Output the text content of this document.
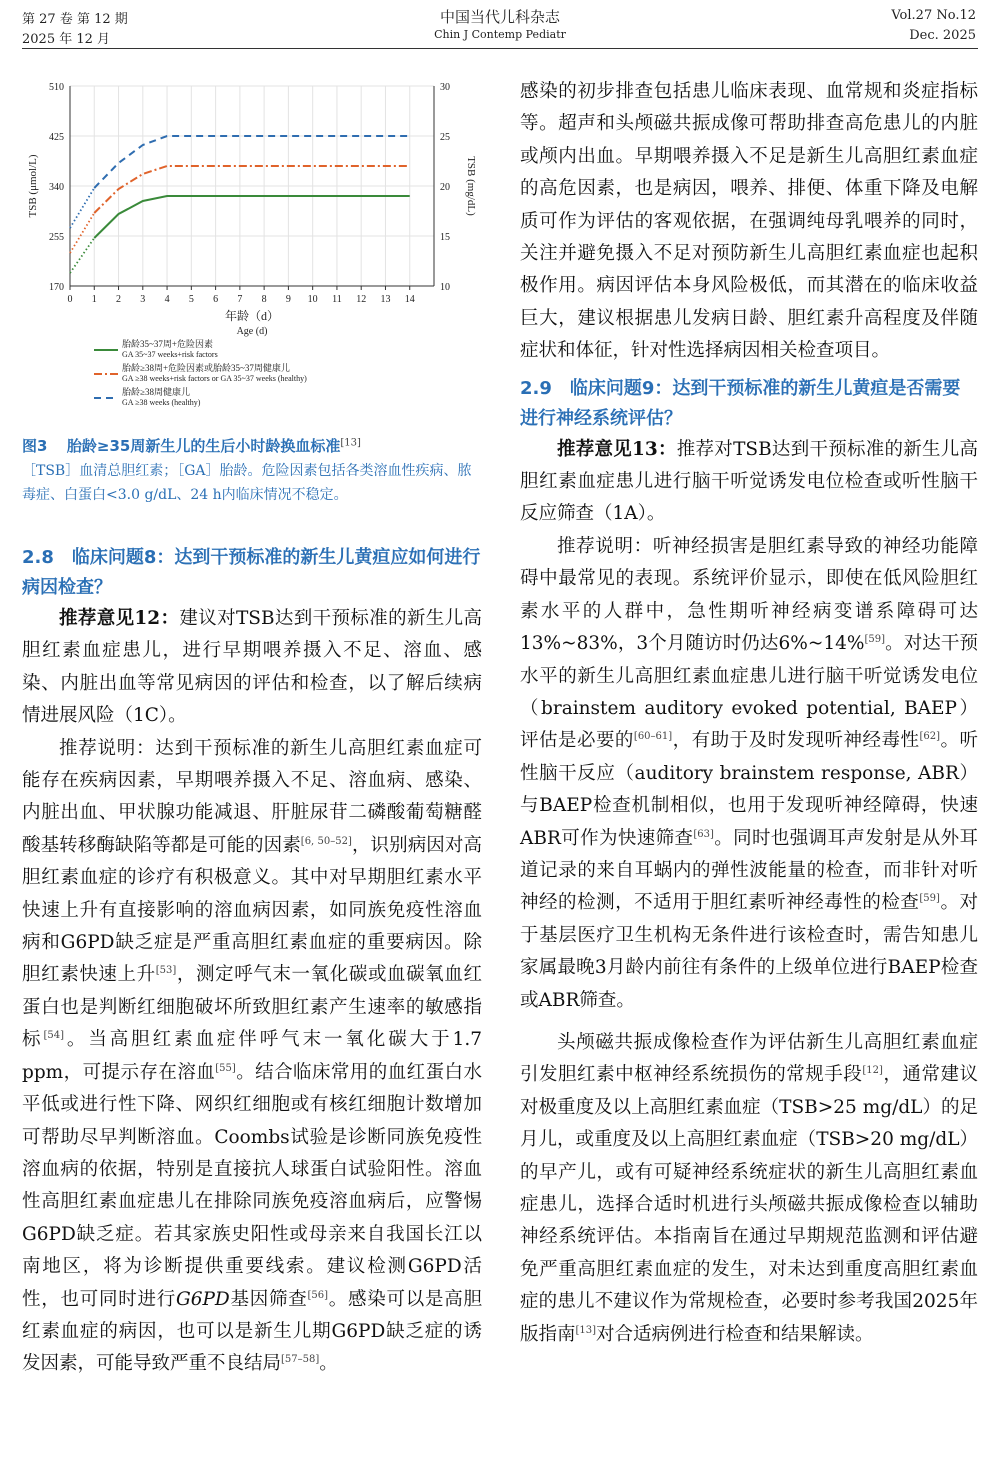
第 27 卷 第 12 期
2025 年 12 月
中国当代儿科杂志
Chin J Contemp Pediatr
Vol.27 No.12
Dec. 2025
0 1 2 3 4 5 6 7 8 9 10 11 12 13 14
170
255
340
425
510
10
15
20
25
30
年龄（d）
Age (d)
TSB (μmol/L)	TSB (mg/dL)
胎龄35~37周+危险因素
GA 35~37 weeks+risk factors
胎龄≥38周+危险因素或胎龄35~37周健康儿
GA ≥38 weeks+risk factors or GA 35~37 weeks (healthy)
胎龄≥38周健康儿
GA ≥38 weeks (healthy)

图3 　 胎龄≥35周新生儿的生后小时龄换血标准[13]
［TSB］血清总胆红素；［GA］胎龄。危险因素包括各类溶血性疾病、脓毒症、白蛋白<3.0 g/dL、24 h内临床情况不稳定。

2.8　临床问题8：达到干预标准的新生儿黄疸应如何进行病因检查？

推荐意见12：建议对TSB达到干预标准的新生儿高胆红素血症患儿，进行早期喂养摄入不足、溶血、感染、内脏出血等常见病因的评估和检查，以了解后续病情进展风险（1C）。

推荐说明：达到干预标准的新生儿高胆红素血症可能存在疾病因素，早期喂养摄入不足、溶血病、感染、内脏出血、甲状腺功能减退、肝脏尿苷二磷酸葡萄糖醛酸基转移酶缺陷等都是可能的因素[6, 50–52]，识别病因对高胆红素血症的诊疗有积极意义。其中对早期胆红素水平快速上升有直接影响的溶血病因素，如同族免疫性溶血病和G6PD缺乏症是严重高胆红素血症的重要病因。除胆红素快速上升[53]，测定呼气末一氧化碳或血碳氧血红蛋白也是判断红细胞破坏所致胆红素产生速率的敏感指标[54]。当高胆红素血症伴呼气末一氧化碳大于1.7 ppm，可提示存在溶血[55]。结合临床常用的血红蛋白水平低或进行性下降、网织红细胞或有核红细胞计数增加可帮助尽早判断溶血。Coombs试验是诊断同族免疫性溶血病的依据，特别是直接抗人球蛋白试验阳性。溶血性高胆红素血症患儿在排除同族免疫溶血病后，应警惕G6PD缺乏症。若其家族史阳性或母亲来自我国长江以南地区，将为诊断提供重要线索。建议检测G6PD活性，也可同时进行G6PD基因筛查[56]。感染可以是高胆红素血症的病因，也可以是新生儿期G6PD缺乏症的诱发因素，可能导致严重不良结局[57–58]。

感染的初步排查包括患儿临床表现、血常规和炎症指标等。超声和头颅磁共振成像可帮助排查高危患儿的内脏或颅内出血。早期喂养摄入不足是新生儿高胆红素血症的高危因素，也是病因，喂养、排便、体重下降及电解质可作为评估的客观依据，在强调纯母乳喂养的同时，关注并避免摄入不足对预防新生儿高胆红素血症也起积极作用。病因评估本身风险极低，而其潜在的临床收益巨大，建议根据患儿发病日龄、胆红素升高程度及伴随症状和体征，针对性选择病因相关检查项目。

2.9　临床问题9：达到干预标准的新生儿黄疸是否需要进行神经系统评估？

推荐意见13：推荐对TSB达到干预标准的新生儿高胆红素血症患儿进行脑干听觉诱发电位检查或听性脑干反应筛查（1A）。

推荐说明：听神经损害是胆红素导致的神经功能障碍中最常见的表现。系统评价显示，即使在低风险胆红素水平的人群中，急性期听神经病变谱系障碍可达13%~83%，3个月随访时仍达6%~14%[59]。对达干预水平的新生儿高胆红素血症患儿进行脑干听觉诱发电位（brainstem auditory evoked potential, BAEP）评估是必要的[60–61]，有助于及时发现听神经毒性[62]。听性脑干反应（auditory brainstem response, ABR）与BAEP检查机制相似，也用于发现听神经障碍，快速ABR可作为快速筛查[63]。同时也强调耳声发射是从外耳道记录的来自耳蜗内的弹性波能量的检查，而非针对听神经的检测，不适用于胆红素听神经毒性的检查[59]。对于基层医疗卫生机构无条件进行该检查时，需告知患儿家属最晚3月龄内前往有条件的上级单位进行BAEP检查或ABR筛查。

头颅磁共振成像检查作为评估新生儿高胆红素血症引发胆红素中枢神经系统损伤的常规手段[12]，通常建议对极重度及以上高胆红素血症（TSB>25 mg/dL）的足月儿，或重度及以上高胆红素血症（TSB>20 mg/dL）的早产儿，或有可疑神经系统症状的新生儿高胆红素血症患儿，选择合适时机进行头颅磁共振成像检查以辅助神经系统评估。本指南旨在通过早期规范监测和评估避免严重高胆红素血症的发生，对未达到重度高胆红素血症的患儿不建议作为常规检查，必要时参考我国2025年版指南[13]对合适病例进行检查和结果解读。
